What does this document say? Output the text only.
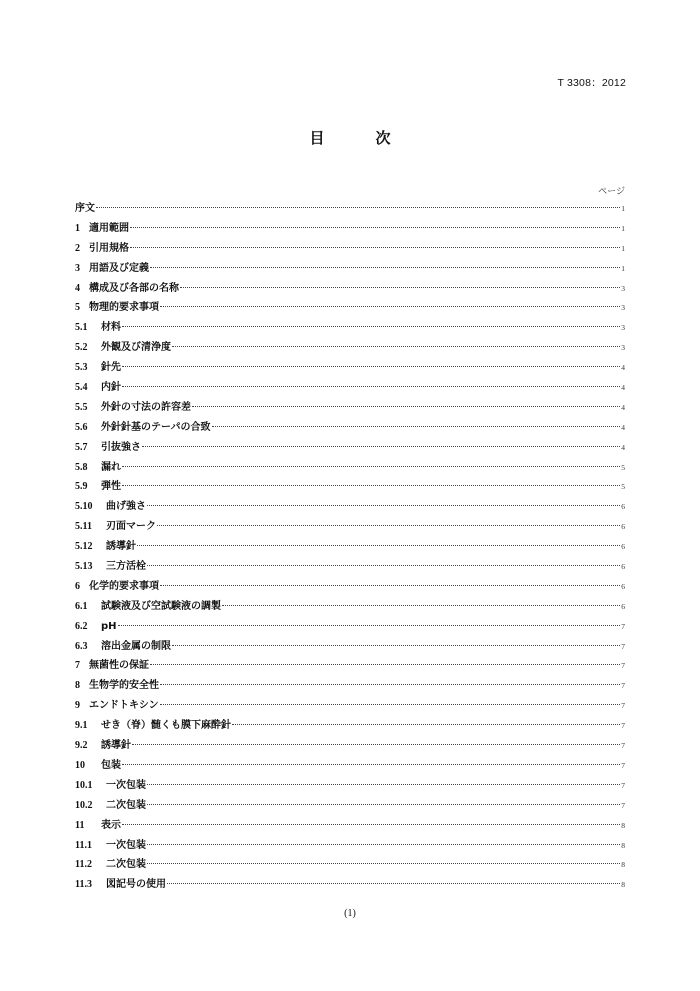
T 3308：2012
目　次
ページ
序文	1
1 適用範囲	1
2 引用規格	1
3 用語及び定義	1
4 構成及び各部の名称	3
5 物理的要求事項	3
5.1	材料	3
5.2	外観及び清浄度	3
5.3	針先	4
5.4	内針	4
5.5	外針の寸法の許容差	4
5.6	外針針基のテーパの合致	4
5.7	引抜強さ	4
5.8	漏れ	5
5.9	弾性	5
5.10	曲げ強さ	6
5.11	刃面マーク	6
5.12	誘導針	6
5.13	三方活栓	6
6 化学的要求事項	6
6.1	試験液及び空試験液の調製	6
6.2	pH	7
6.3	溶出金属の制限	7
7 無菌性の保証	7
8 生物学的安全性	7
9 エンドトキシン	7
9.1	せき（脊）髄くも膜下麻酔針	7
9.2	誘導針	7
10	包装	7
10.1	一次包装	7
10.2	二次包装	7
11	表示	8
11.1	一次包装	8
11.2	二次包装	8
11.3	図記号の使用	8
(1)
